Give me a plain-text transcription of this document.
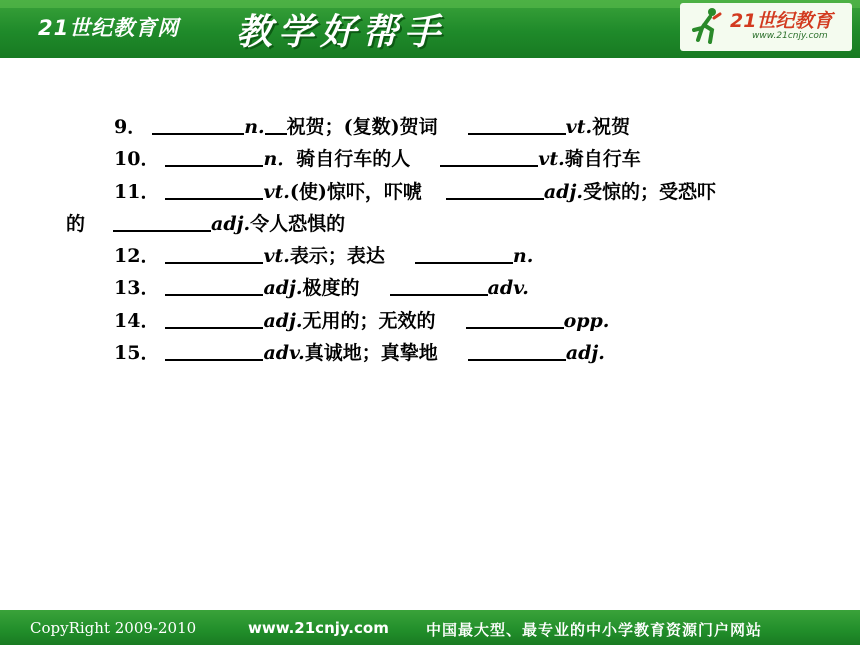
21世纪教育网 教学好帮手	21世纪教育
www.21cnjy.com
9．	n. 祝贺；(复数)贺词	vt.祝贺
10．	n．骑自行车的人	vt.骑自行车
11．	vt.(使)惊吓，吓唬	adj.受惊的；受恐吓
的	adj.令人恐惧的
12．	vt.表示；表达	n.
13．	adj.极度的	adv.
14．	adj.无用的；无效的	opp.
15．	adv.真诚地；真挚地	adj.
CopyRight 2009-2010	www.21cnjy.com 中国最大型、最专业的中小学教育资源门户网站
